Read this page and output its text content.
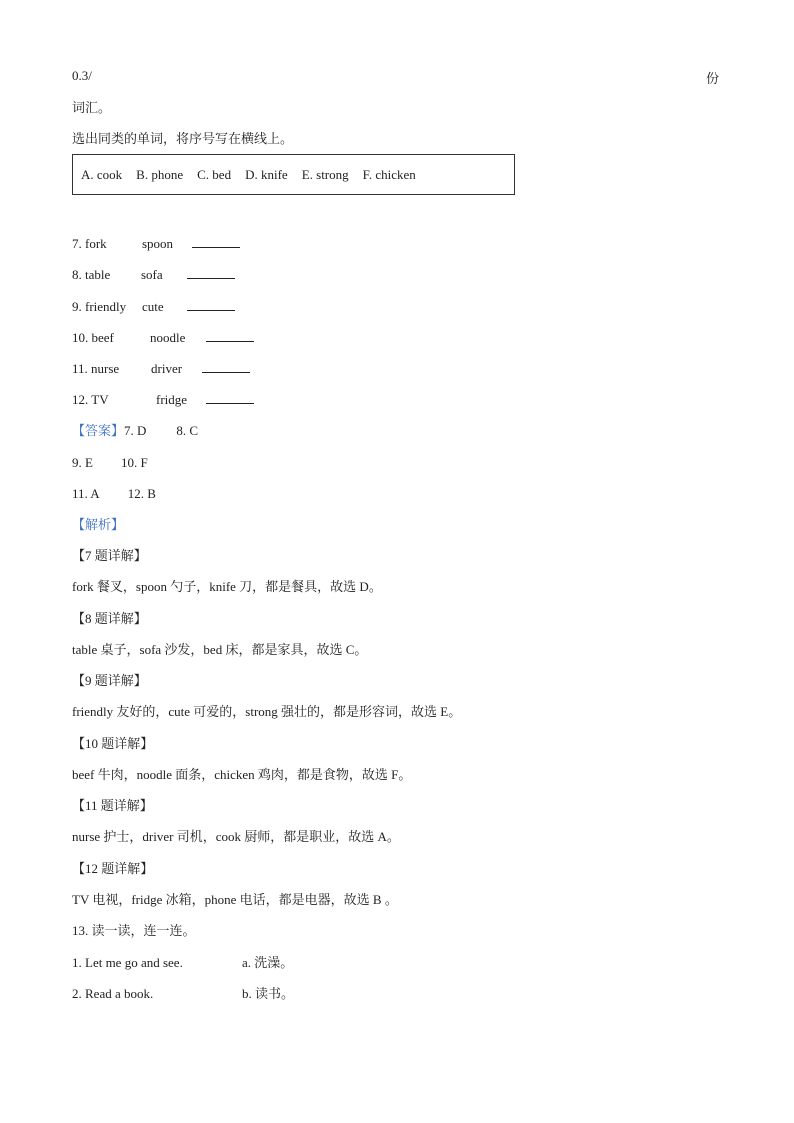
0.3/	份
词汇。
选出同类的单词，将序号写在横线上。
A. cook B. phone C. bed D. knife E. strong F. chicken
7. fork	spoon
8. table	sofa
9. friendly	cute
10. beef	noodle
11. nurse	driver
12. TV	fridge
【答案】7. D 8. C
9. E 10. F
11. A 12. B
【解析】
【7 题详解】
fork 餐叉，spoon 勺子，knife 刀，都是餐具，故选 D。
【8 题详解】
table 桌子，sofa 沙发，bed 床，都是家具，故选 C。
【9 题详解】
friendly 友好的，cute 可爱的，strong 强壮的，都是形容词，故选 E。
【10 题详解】
beef 牛肉，noodle 面条，chicken 鸡肉，都是食物，故选 F。
【11 题详解】
nurse 护士，driver 司机，cook 厨师，都是职业，故选 A。
【12 题详解】
TV 电视，fridge 冰箱，phone 电话，都是电器，故选 B 。
13. 读一读，连一连。
1. Let me go and see.	a. 洗澡。
2. Read a book.	b. 读书。
